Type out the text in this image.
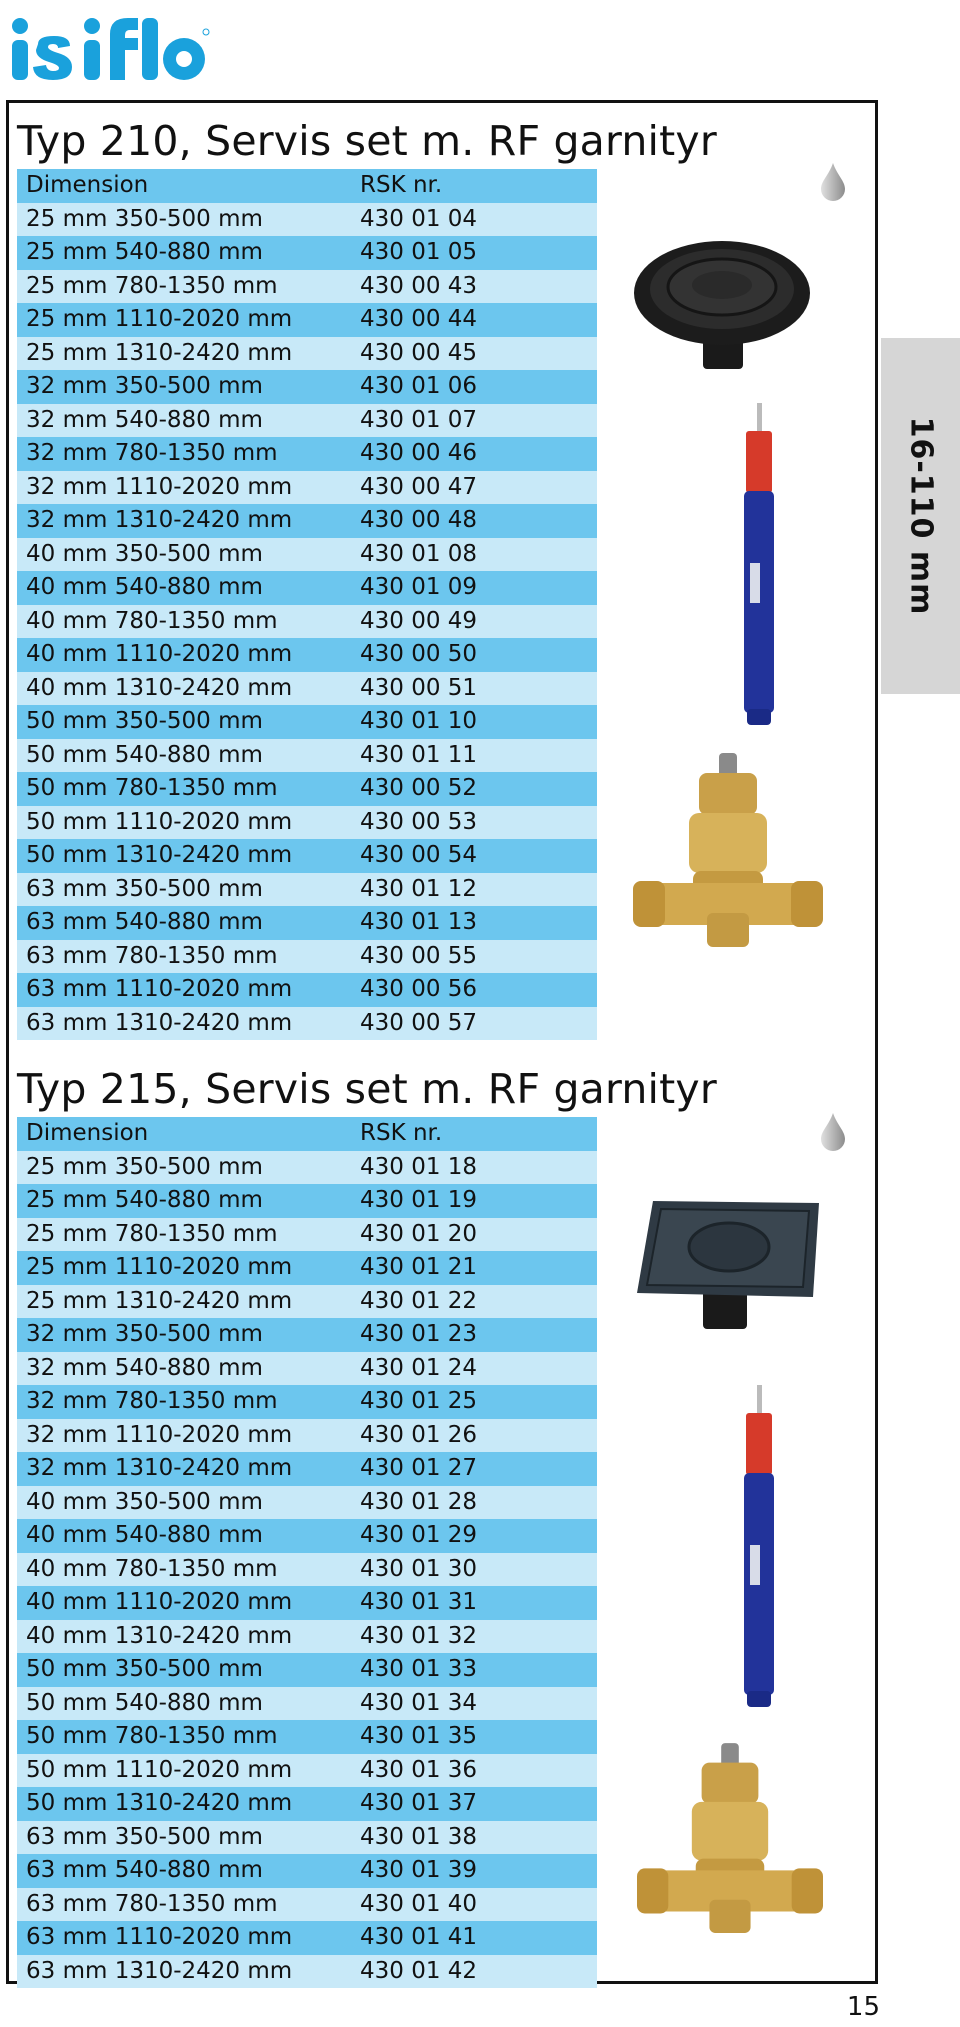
16-110 mm
Typ 210, Servis set m. RF garnityr
Dimension	RSK nr.
25 mm 350-500 mm	430 01 04
25 mm 540-880 mm	430 01 05
25 mm 780-1350 mm	430 00 43
25 mm 1110-2020 mm	430 00 44
25 mm 1310-2420 mm	430 00 45
32 mm 350-500 mm	430 01 06
32 mm 540-880 mm	430 01 07
32 mm 780-1350 mm	430 00 46
32 mm 1110-2020 mm	430 00 47
32 mm 1310-2420 mm	430 00 48
40 mm 350-500 mm	430 01 08
40 mm 540-880 mm	430 01 09
40 mm 780-1350 mm	430 00 49
40 mm 1110-2020 mm	430 00 50
40 mm 1310-2420 mm	430 00 51
50 mm 350-500 mm	430 01 10
50 mm 540-880 mm	430 01 11
50 mm 780-1350 mm	430 00 52
50 mm 1110-2020 mm	430 00 53
50 mm 1310-2420 mm	430 00 54
63 mm 350-500 mm	430 01 12
63 mm 540-880 mm	430 01 13
63 mm 780-1350 mm	430 00 55
63 mm 1110-2020 mm	430 00 56
63 mm 1310-2420 mm	430 00 57
Typ 215, Servis set m. RF garnityr
Dimension	RSK nr.
25 mm 350-500 mm	430 01 18
25 mm 540-880 mm	430 01 19
25 mm 780-1350 mm	430 01 20
25 mm 1110-2020 mm	430 01 21
25 mm 1310-2420 mm	430 01 22
32 mm 350-500 mm	430 01 23
32 mm 540-880 mm	430 01 24
32 mm 780-1350 mm	430 01 25
32 mm 1110-2020 mm	430 01 26
32 mm 1310-2420 mm	430 01 27
40 mm 350-500 mm	430 01 28
40 mm 540-880 mm	430 01 29
40 mm 780-1350 mm	430 01 30
40 mm 1110-2020 mm	430 01 31
40 mm 1310-2420 mm	430 01 32
50 mm 350-500 mm	430 01 33
50 mm 540-880 mm	430 01 34
50 mm 780-1350 mm	430 01 35
50 mm 1110-2020 mm	430 01 36
50 mm 1310-2420 mm	430 01 37
63 mm 350-500 mm	430 01 38
63 mm 540-880 mm	430 01 39
63 mm 780-1350 mm	430 01 40
63 mm 1110-2020 mm	430 01 41
63 mm 1310-2420 mm	430 01 42
15
